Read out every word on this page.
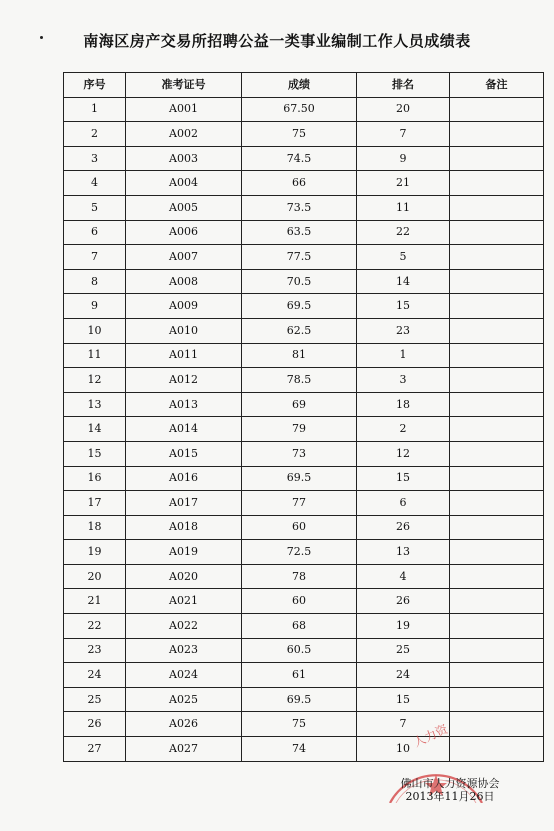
南海区房产交易所招聘公益一类事业编制工作人员成绩表
序号	准考证号	成绩	排名	备注
1	A001	67.50	20	
2	A002	75	7	
3	A003	74.5	9	
4	A004	66	21	
5	A005	73.5	11	
6	A006	63.5	22	
7	A007	77.5	5	
8	A008	70.5	14	
9	A009	69.5	15	
10	A010	62.5	23	
11	A011	81	1	
12	A012	78.5	3	
13	A013	69	18	
14	A014	79	2	
15	A015	73	12	
16	A016	69.5	15	
17	A017	77	6	
18	A018	60	26	
19	A019	72.5	13	
20	A020	78	4	
21	A021	60	26	
22	A022	68	19	
23	A023	60.5	25	
24	A024	61	24	
25	A025	69.5	15	
26	A026	75	7	
27	A027	74	10	人力资
佛山市人力资源协会
2013年11月26日
